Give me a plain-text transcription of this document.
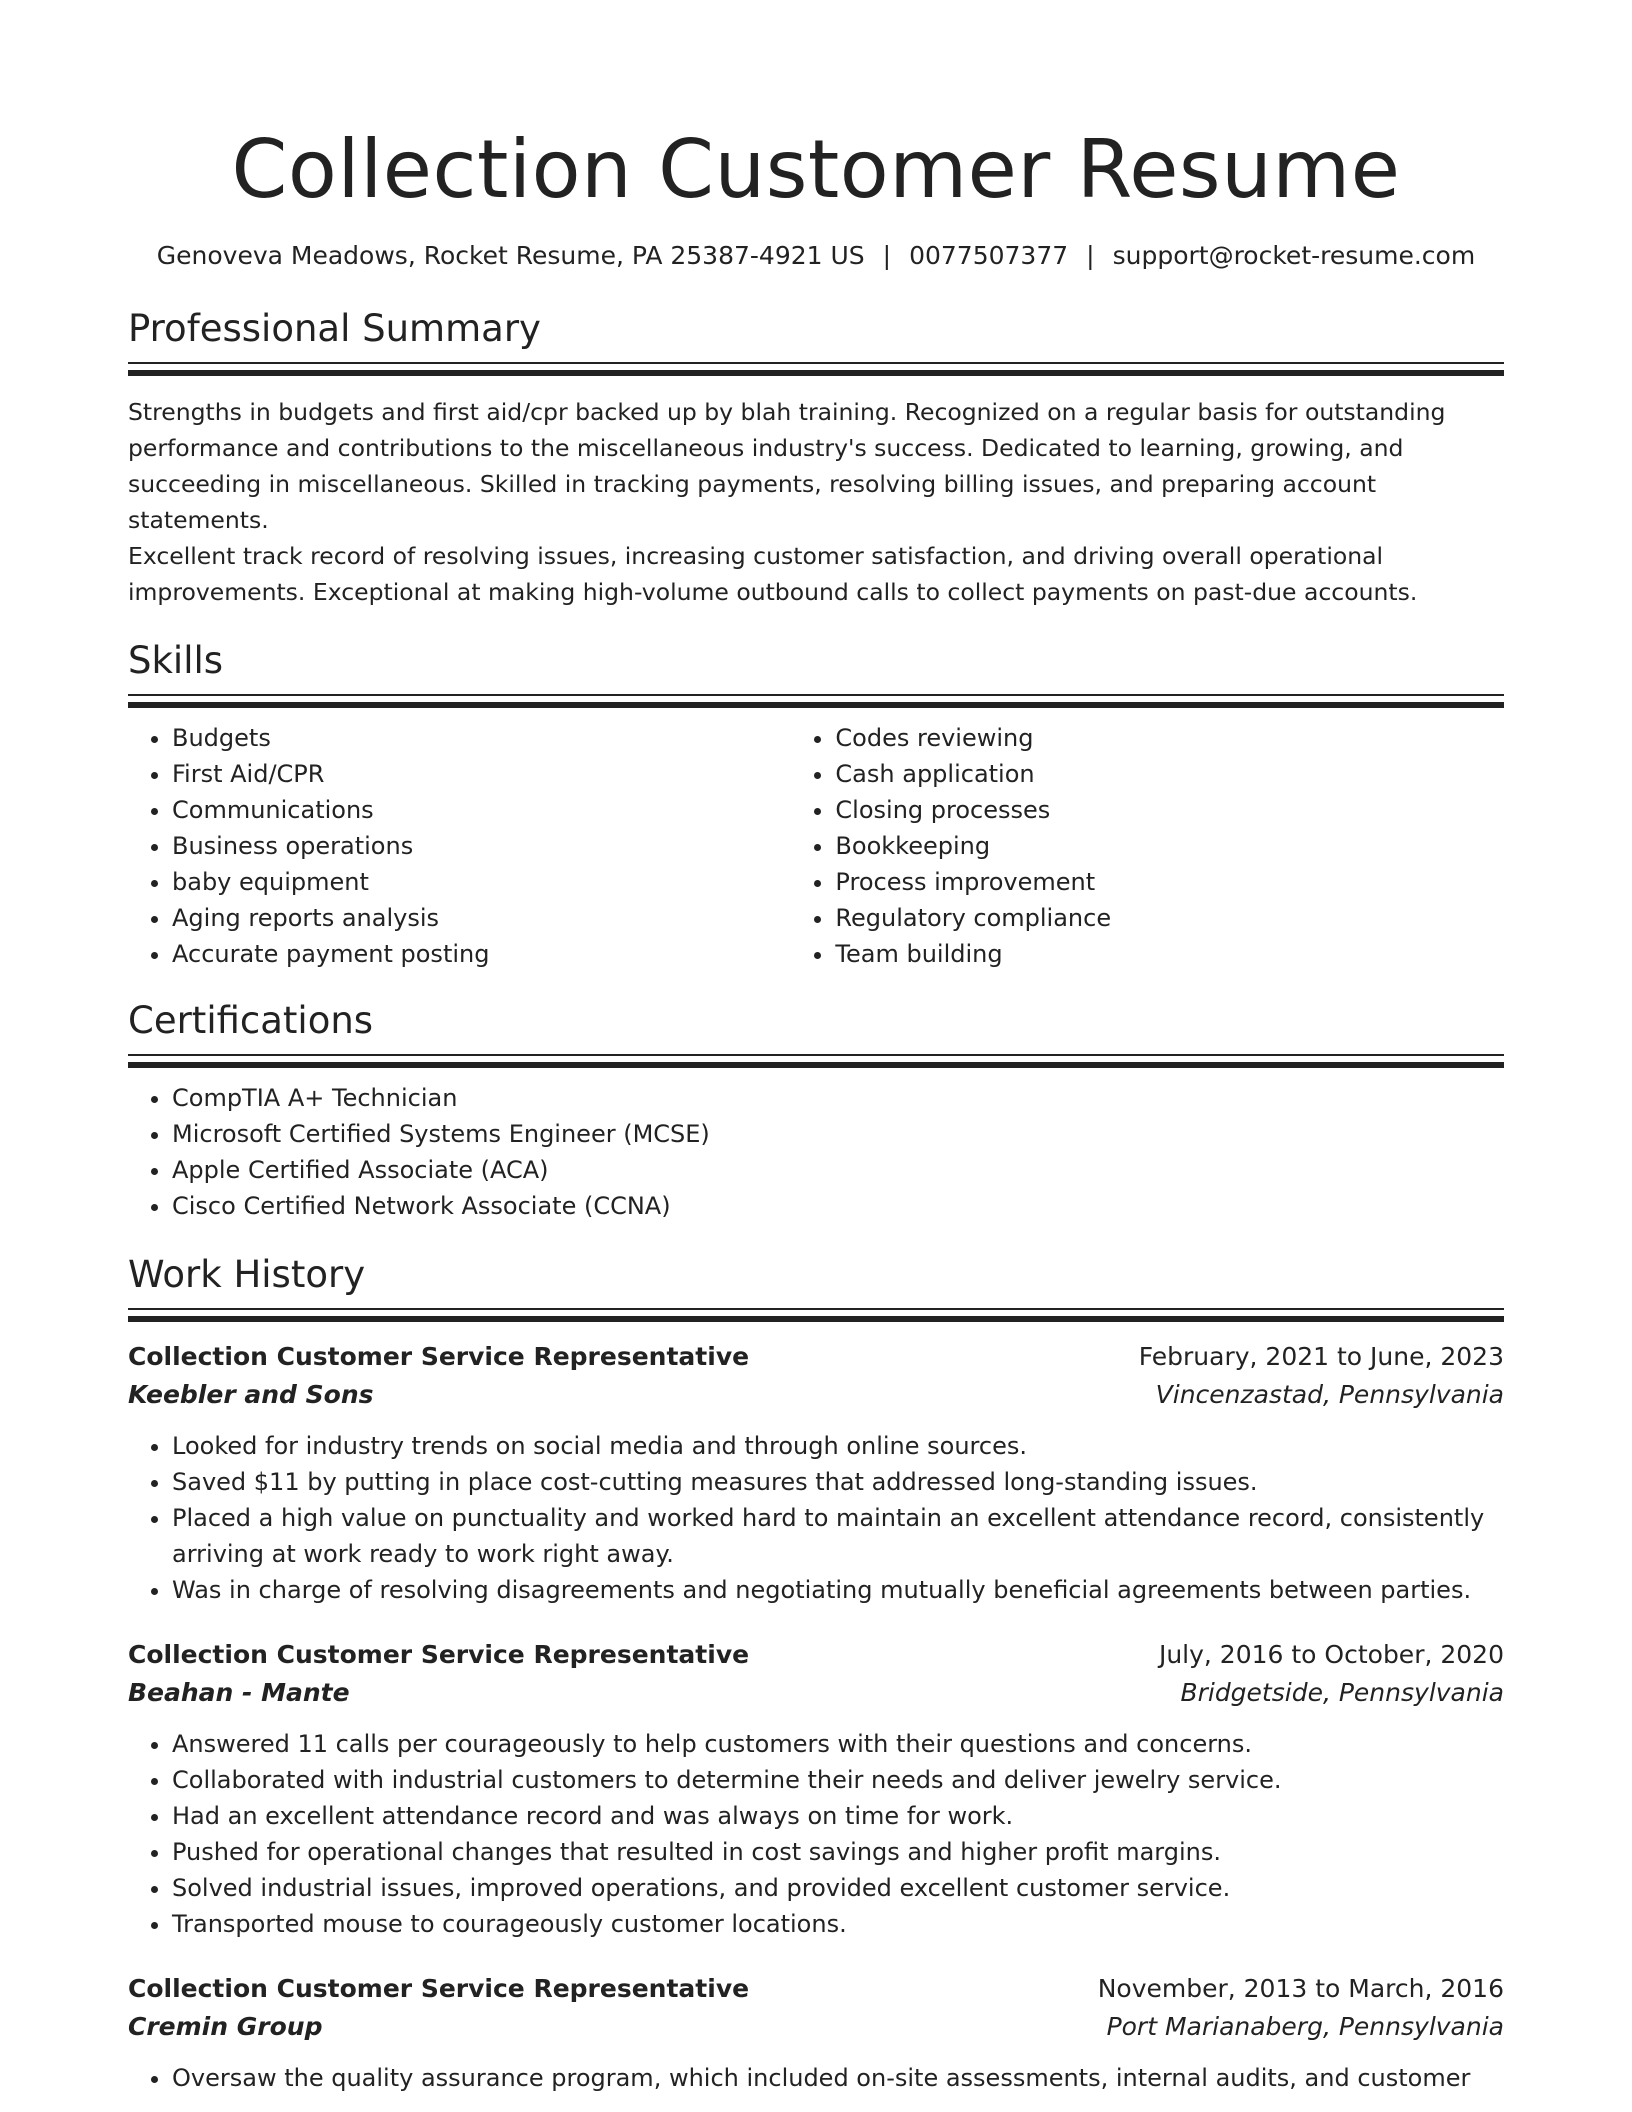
Collection Customer Resume
Genoveva Meadows, Rocket Resume, PA 25387-4921 US | 0077507377 | support@rocket-resume.com
Professional Summary
Strengths in budgets and first aid/cpr backed up by blah training. Recognized on a regular basis for outstanding
performance and contributions to the miscellaneous industry's success. Dedicated to learning, growing, and
succeeding in miscellaneous. Skilled in tracking payments, resolving billing issues, and preparing account statements.
Excellent track record of resolving issues, increasing customer satisfaction, and driving overall operational
improvements. Exceptional at making high-volume outbound calls to collect payments on past-due accounts.
Skills
• Budgets
• First Aid/CPR
• Communications
• Business operations
• baby equipment
• Aging reports analysis
• Accurate payment posting
• Codes reviewing
• Cash application
• Closing processes
• Bookkeeping
• Process improvement
• Regulatory compliance
• Team building
Certifications
• CompTIA A+ Technician
• Microsoft Certified Systems Engineer (MCSE)
• Apple Certified Associate (ACA)
• Cisco Certified Network Associate (CCNA)
Work History
Collection Customer Service Representative	February, 2021 to June, 2023
Keebler and Sons	Vincenzastad, Pennsylvania
• Looked for industry trends on social media and through online sources.
• Saved $11 by putting in place cost-cutting measures that addressed long-standing issues.
• Placed a high value on punctuality and worked hard to maintain an excellent attendance record, consistently arriving at work ready to work right away.
• Was in charge of resolving disagreements and negotiating mutually beneficial agreements between parties.
Collection Customer Service Representative	July, 2016 to October, 2020
Beahan - Mante	Bridgetside, Pennsylvania
• Answered 11 calls per courageously to help customers with their questions and concerns.
• Collaborated with industrial customers to determine their needs and deliver jewelry service.
• Had an excellent attendance record and was always on time for work.
• Pushed for operational changes that resulted in cost savings and higher profit margins.
• Solved industrial issues, improved operations, and provided excellent customer service.
• Transported mouse to courageously customer locations.
Collection Customer Service Representative	November, 2013 to March, 2016
Cremin Group	Port Marianaberg, Pennsylvania
• Oversaw the quality assurance program, which included on-site assessments, internal audits, and customer
